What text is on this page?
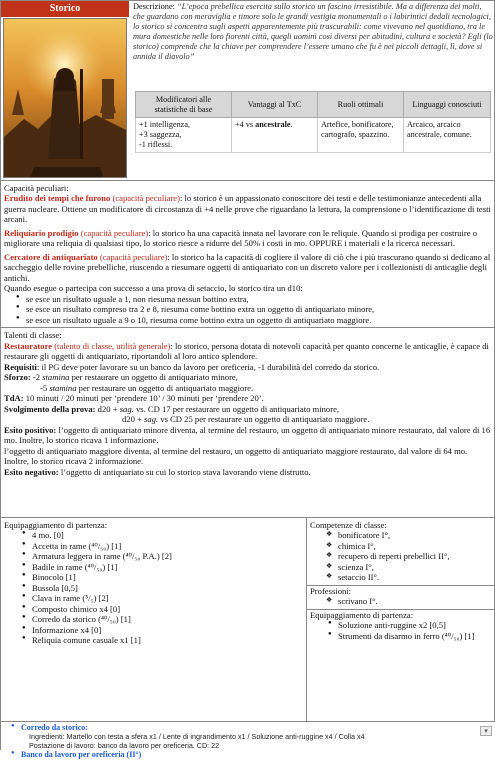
Storico	Descrizione: “L’epoca prebellica esercita sullo storico un fascino irresistibile. Ma a differenza dei molti, che guardano con meraviglia e timore solo le grandi vestigia monumentali o i labirintici dedali tecnologici, lo storico si concentra sugli aspetti apparentemente più trascurabili: come vivevano nel quotidiano, tra le mura domestiche nelle loro fiorenti città, quegli uomini così diversi per abitudini, cultura e società? Egli (lo storico) comprende che la chiave per comprendere l’essere umano che fu è nei piccoli dettagli, lì, dove si annida il diavolo”
Modificatori alle statistiche di base	Vantaggi al TxC	Ruoli ottimali	Linguaggi conosciuti

+1 intelligenza,
+3 saggezza,
-1 riflessi.	+4 vs ancestrale.	Artefice, bonificatore, cartografo, spazzino.	Arcaico, arcaico ancestrale, comune.
Capacità peculiari:

Erudito dei tempi che furono (capacità peculiare): lo storico è un appassionato conoscitore dei testi e delle testimonianze antecedenti alla guerra nucleare. Ottiene un modificatore di circostanza di +4 nelle prove che riguardano la lettura, la comprensione o l’identificazione di testi arcani.

Reliquiario prodigio (capacità peculiare): lo storico ha una capacità innata nel lavorare con le reliquie. Quando si prodiga per costruire o migliorare una reliquia di qualsiasi tipo, lo storico riesce a ridurre del 50% i costi in mo. OPPURE i materiali e la ricerca necessari.

Cercatore di antiquariato (capacità peculiare): lo storico ha la capacità di cogliere il valore di ciò che i più trascurano quando si dedicano al saccheggio delle rovine prebelliche, riuscendo a riesumare oggetti di antiquariato con un discreto valore per i collezionisti di anticaglie degli antichi.

Quando esegue o partecipa con successo a una prova di setaccio, lo storico tira un d10:
● se esce un risultato uguale a 1, non riesuma nessun bottino extra,
● se esce un risultato compreso tra 2 e 8, riesuma come bottino extra un oggetto di antiquariato minore,
● se esce un risultato uguale a 9 o 10, riesuma come bottino extra un oggetto di antiquariato maggiore.
Talenti di classe:

Restauratore (talento di classe, utilità generale): lo storico, persona dotata di notevoli capacità per quanto concerne le anticaglie, è capace di restaurare gli oggetti di antiquariato, riportandoli al loro antico splendore.

Requisiti: il PG deve poter lavorare su un banco da lavoro per oreficeria, -1 durabilità del corredo da storico.

Sforzo: -2 stamina per restaurare un oggetto di antiquariato minore,

-5 stamina per restaurare un oggetto di antiquariato maggiore.

TdA: 10 minuti / 20 minuti per ‘prendere 10’ / 30 minuti per ‘prendere 20’.

Svolgimento della prova: d20 + sag. vs. CD 17 per restaurare un oggetto di antiquariato minore,

d20 + sag. vs CD 25 per restaurare un oggetto di antiquariato maggiore.

Esito positivo: l’oggetto di antiquariato minore diventa, al termine del restauro, un oggetto di antiquariato minore restaurato, dal valore di 16 mo. Inoltre, lo storico ricava 1 informazione.

l’oggetto di antiquariato maggiore diventa, al termine del restauro, un oggetto di antiquariato maggiore restaurato, dal valore di 64 mo. Inoltre, lo storico ricava 2 informazione.

Esito negativo: l’oggetto di antiquariato su cui lo storico stava lavorando viene distrutto.

Equipaggiamento di partenza:
● 4 mo. [0]
● Accetta in rame (⁴⁰/₅₀) [1]
● Armatura leggera in rame (⁴⁰/₅₀ P.A.) [2]
● Badile in rame (⁴⁰/₅₀) [1]
● Binocolo [1]
● Bussola [0,5]
● Clava in rame (⁵/₅) [2]
● Composto chimico x4 [0]
● Corredo da storico (⁴⁰/₅₀) [1]
● Informazione x4 [0]
● Reliquia comune casuale x1 [1]
Competenze di classe:
❖ bonificatore I°,
❖ chimica I°,
❖ recupero di reperti prebellici II°,
❖ scienza I°,
❖ setaccio II°.
Professioni:
❖ scrivano I°.
Equipaggiamento di partenza:
● Soluzione anti-ruggine x2 [0,5]
● Strumenti da disarmo in ferro (⁴⁰/₅₀) [1]
▾
● Corredo da storico:
Ingredienti: Martello con testa a sfera x1 / Lente di ingrandimento x1 / Soluzione anti-ruggine x4 / Colla x4
Postazione di lavoro: banco da lavoro per oreficeria. CD: 22
● Banco da lavoro per oreficeria (II°)
